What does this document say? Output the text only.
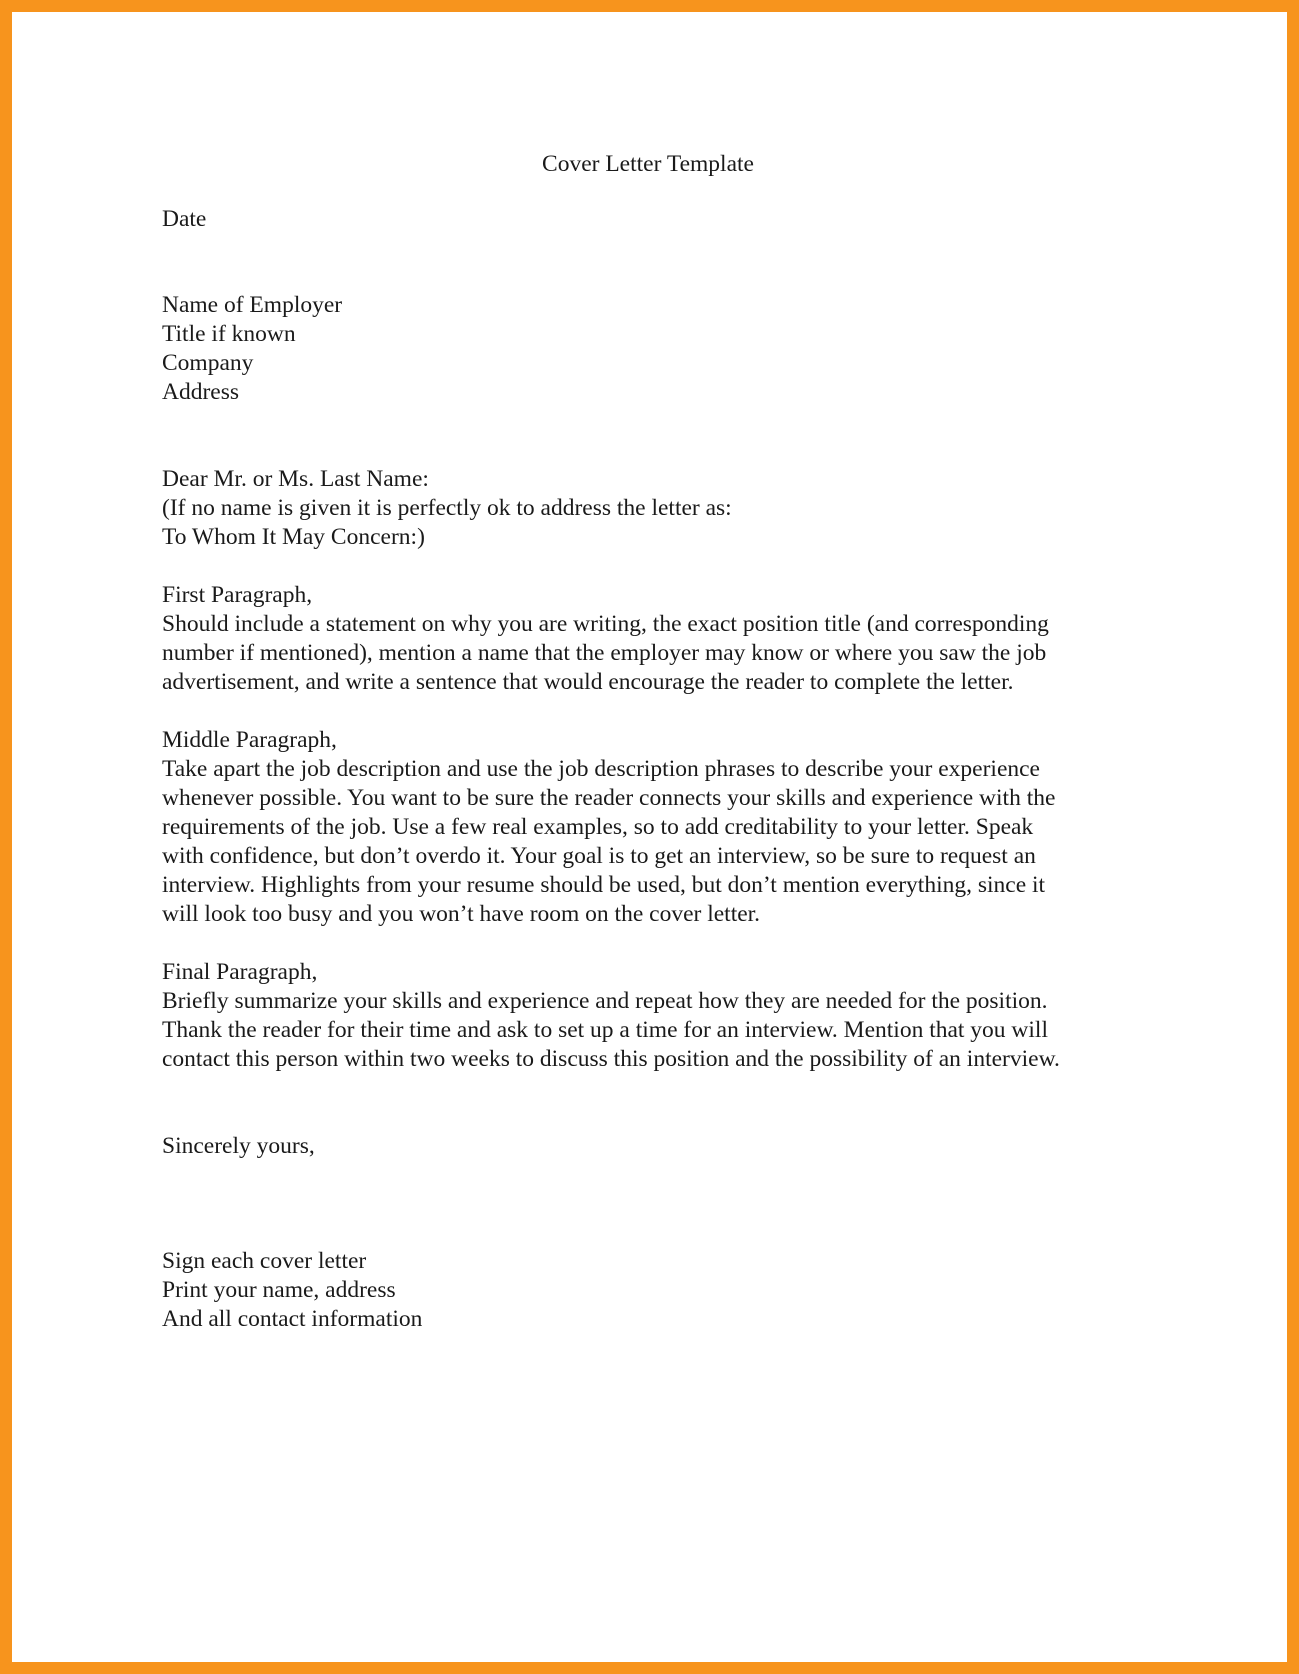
Cover Letter Template
Date
Name of Employer
Title if known
Company
Address
Dear Mr. or Ms. Last Name:
(If no name is given it is perfectly ok to address the letter as:
To Whom It May Concern:)
First Paragraph,
Should include a statement on why you are writing, the exact position title (and corresponding
number if mentioned), mention a name that the employer may know or where you saw the job
advertisement, and write a sentence that would encourage the reader to complete the letter.
Middle Paragraph,
Take apart the job description and use the job description phrases to describe your experience
whenever possible. You want to be sure the reader connects your skills and experience with the
requirements of the job. Use a few real examples, so to add creditability to your letter. Speak
with confidence, but don’t overdo it. Your goal is to get an interview, so be sure to request an
interview. Highlights from your resume should be used, but don’t mention everything, since it
will look too busy and you won’t have room on the cover letter.
Final Paragraph,
Briefly summarize your skills and experience and repeat how they are needed for the position.
Thank the reader for their time and ask to set up a time for an interview. Mention that you will
contact this person within two weeks to discuss this position and the possibility of an interview.
Sincerely yours,
Sign each cover letter
Print your name, address
And all contact information
